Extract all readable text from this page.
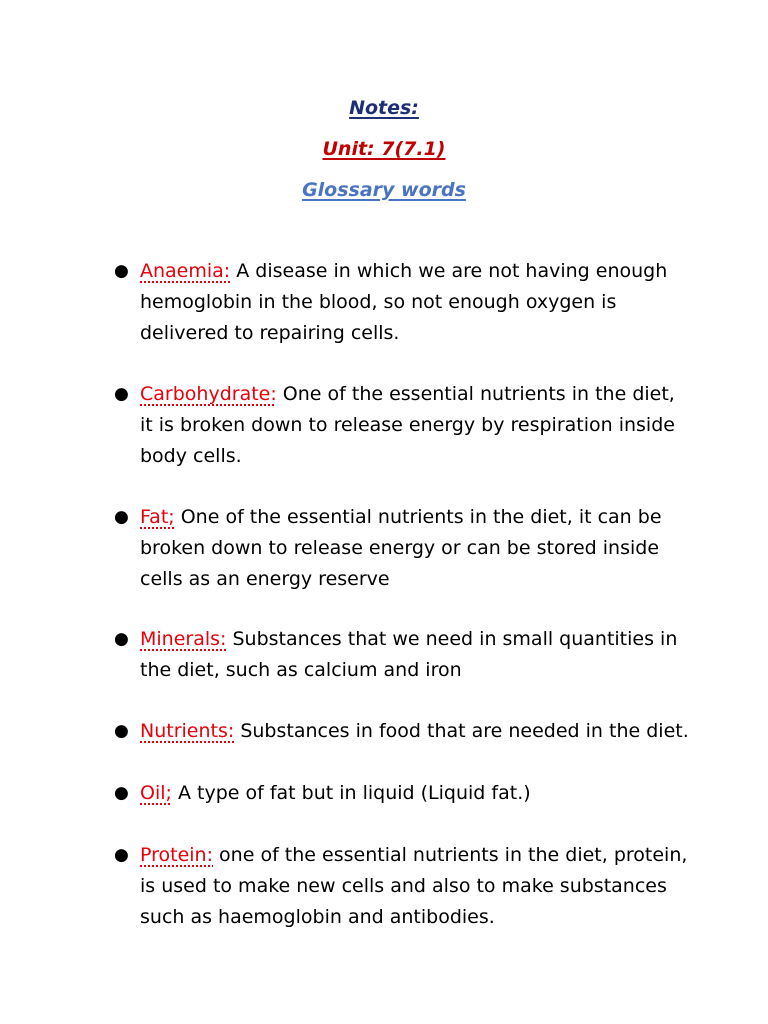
Notes:

Unit: 7(7.1)

Glossary words

● Anaemia: A disease in which we are not having enough hemoglobin in the blood, so not enough oxygen is delivered to repairing cells.
● Carbohydrate: One of the essential nutrients in the diet, it is broken down to release energy by respiration inside body cells.
● Fat; One of the essential nutrients in the diet, it can be broken down to release energy or can be stored inside cells as an energy reserve
● Minerals: Substances that we need in small quantities in the diet, such as calcium and iron
● Nutrients: Substances in food that are needed in the diet.
● Oil; A type of fat but in liquid (Liquid fat.)
● Protein: one of the essential nutrients in the diet, protein, is used to make new cells and also to make substances such as haemoglobin and antibodies.
